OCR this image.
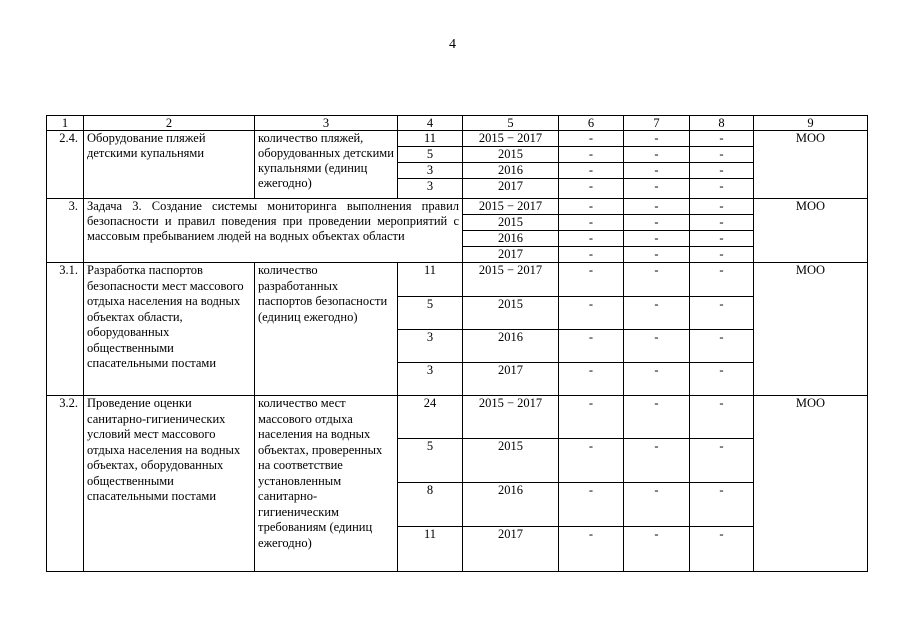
4
1	2	3	4	5	6	7	8	9
2.4.	Оборудование пляжей детскими купальнями	количество пляжей, оборудованных детскими купальнями (единиц ежегодно)	11	2015 − 2017	-	-	-	МОО
			5	2015	-	-	-	
			3	2016	-	-	-	
			3	2017	-	-	-	
3.	Задача 3. Создание системы мониторинга выполнения правил безопасности и правил поведения при проведении мероприятий с массовым пребыванием людей на водных объектах области			2015 − 2017	-	-	-	МОО
				2015	-	-	-	
				2016	-	-	-	
				2017	-	-	-	
3.1.	Разработка паспортов безопасности мест массового отдыха населения на водных объектах области, оборудованных общественными спасательными постами	количество разработанных паспортов безопасности (единиц ежегодно)	11	2015 − 2017	-	-	-	МОО
			5	2015	-	-	-	
			3	2016	-	-	-	
			3	2017	-	-	-	
3.2.	Проведение оценки санитарно-гигиенических условий мест массового отдыха населения на водных объектах, оборудованных общественными спасательными постами	количество мест массового отдыха населения на водных объектах, проверенных на соответствие установленным санитарно-гигиеническим требованиям (единиц ежегодно)	24	2015 − 2017	-	-	-	МОО
			5	2015	-	-	-	
			8	2016	-	-	-	
			11	2017	-	-	-	
